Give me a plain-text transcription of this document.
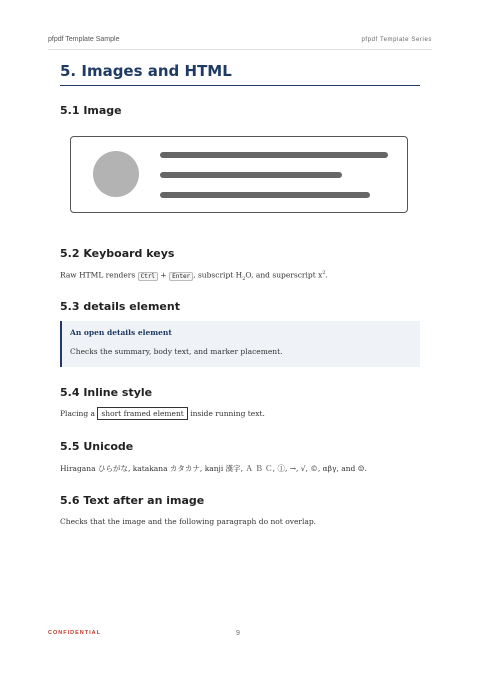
pfpdf Template Sample	pfpdf Template Series
5. Images and HTML
5.1 Image
5.2 Keyboard keys

Raw HTML renders Ctrl + Enter , subscript $H_2O$, and superscript $x^2$.

5.3 details element
An open details element
Checks the summary, body text, and marker placement.
5.4 Inline style

Placing a short framed element inside running text.

5.5 Unicode

Hiragana ひらがな, katakana カタカナ, kanji 漢字, Ａ Ｂ Ｃ, ①, →, √, ©, αβγ, and ☺.

5.6 Text after an image

Checks that the image and the following paragraph do not overlap.

CONFIDENTIAL	9
